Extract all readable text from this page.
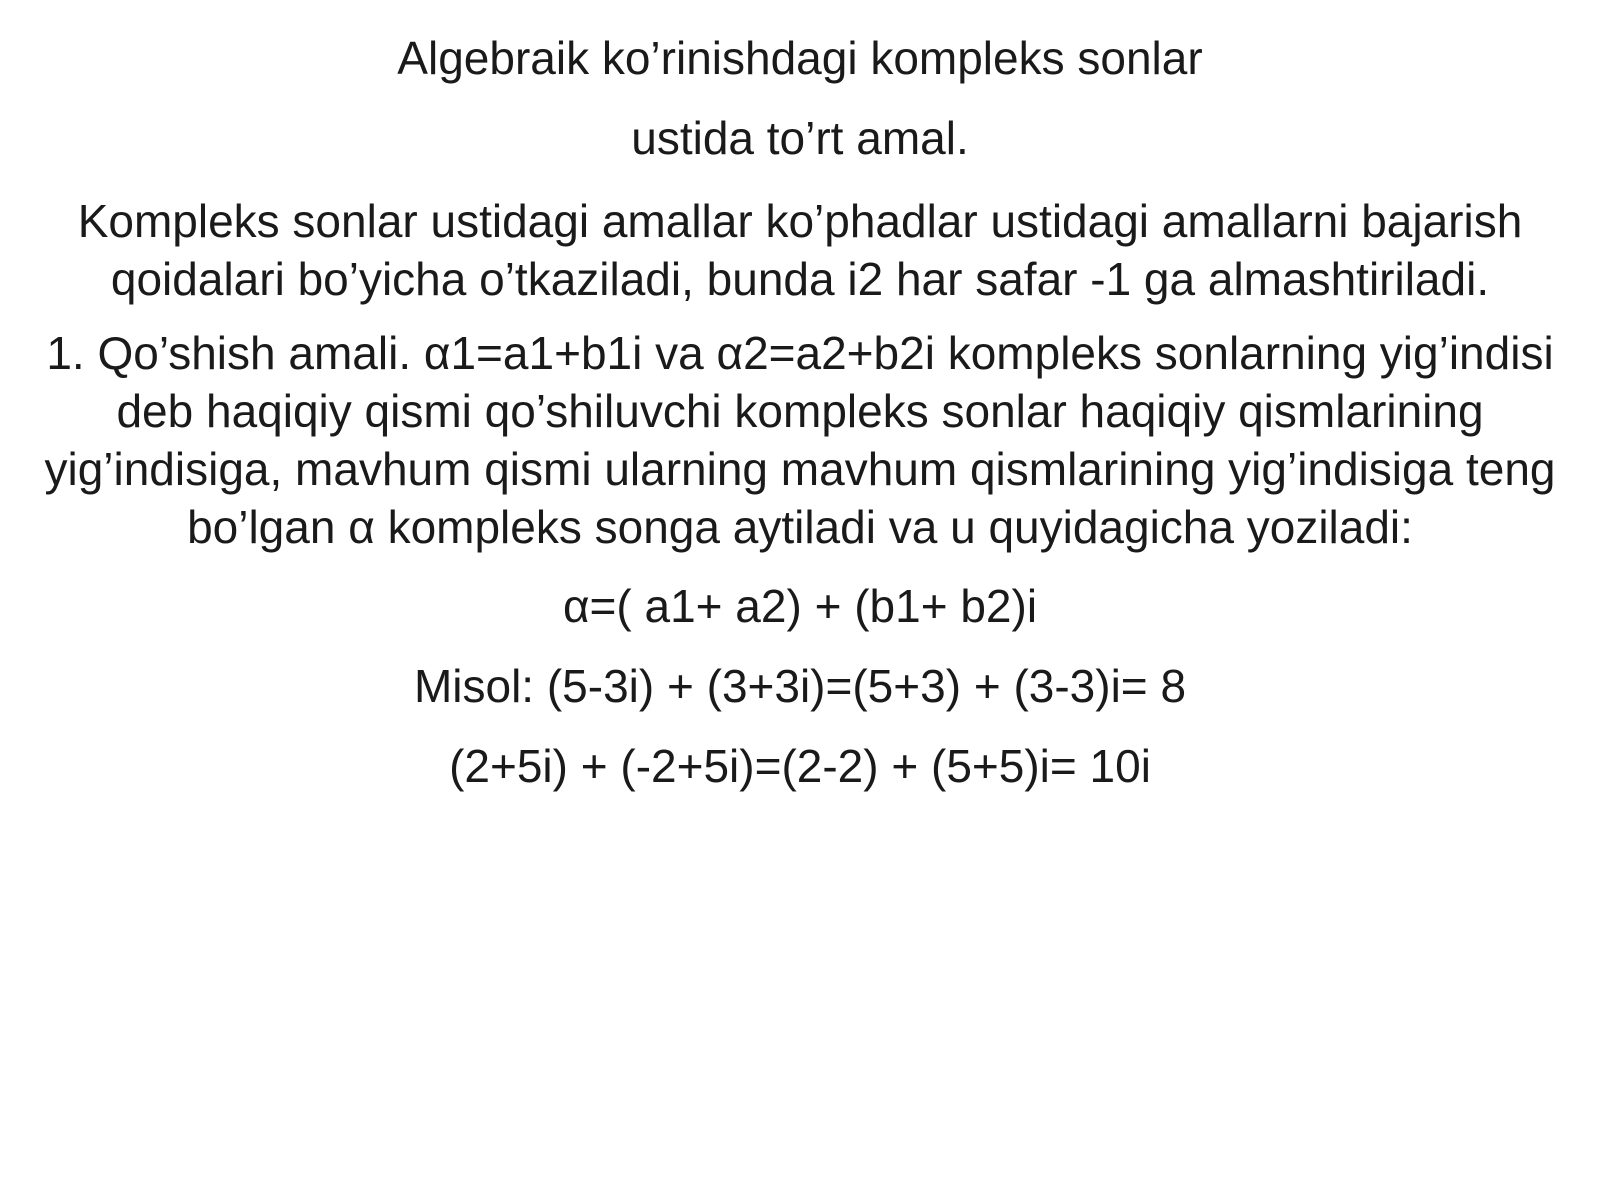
Algebraik ko’rinishdagi kompleks sonlar

ustida to’rt amal.

Kompleks sonlar ustidagi amallar ko’phadlar ustidagi amallarni bajarish qoidalari bo’yicha o’tkaziladi, bunda i2 har safar -1 ga almashtiriladi.

1. Qo’shish amali. α1=a1+b1i va α2=a2+b2i kompleks sonlarning yig’indisi deb haqiqiy qismi qo’shiluvchi kompleks sonlar haqiqiy qismlarining yig’indisiga, mavhum qismi ularning mavhum qismlarining yig’indisiga teng bo’lgan α kompleks songa aytiladi va u quyidagicha yoziladi:

α=( a1+ a2) + (b1+ b2)i

Misol: (5-3i) + (3+3i)=(5+3) + (3-3)i= 8

(2+5i) + (-2+5i)=(2-2) + (5+5)i= 10i
